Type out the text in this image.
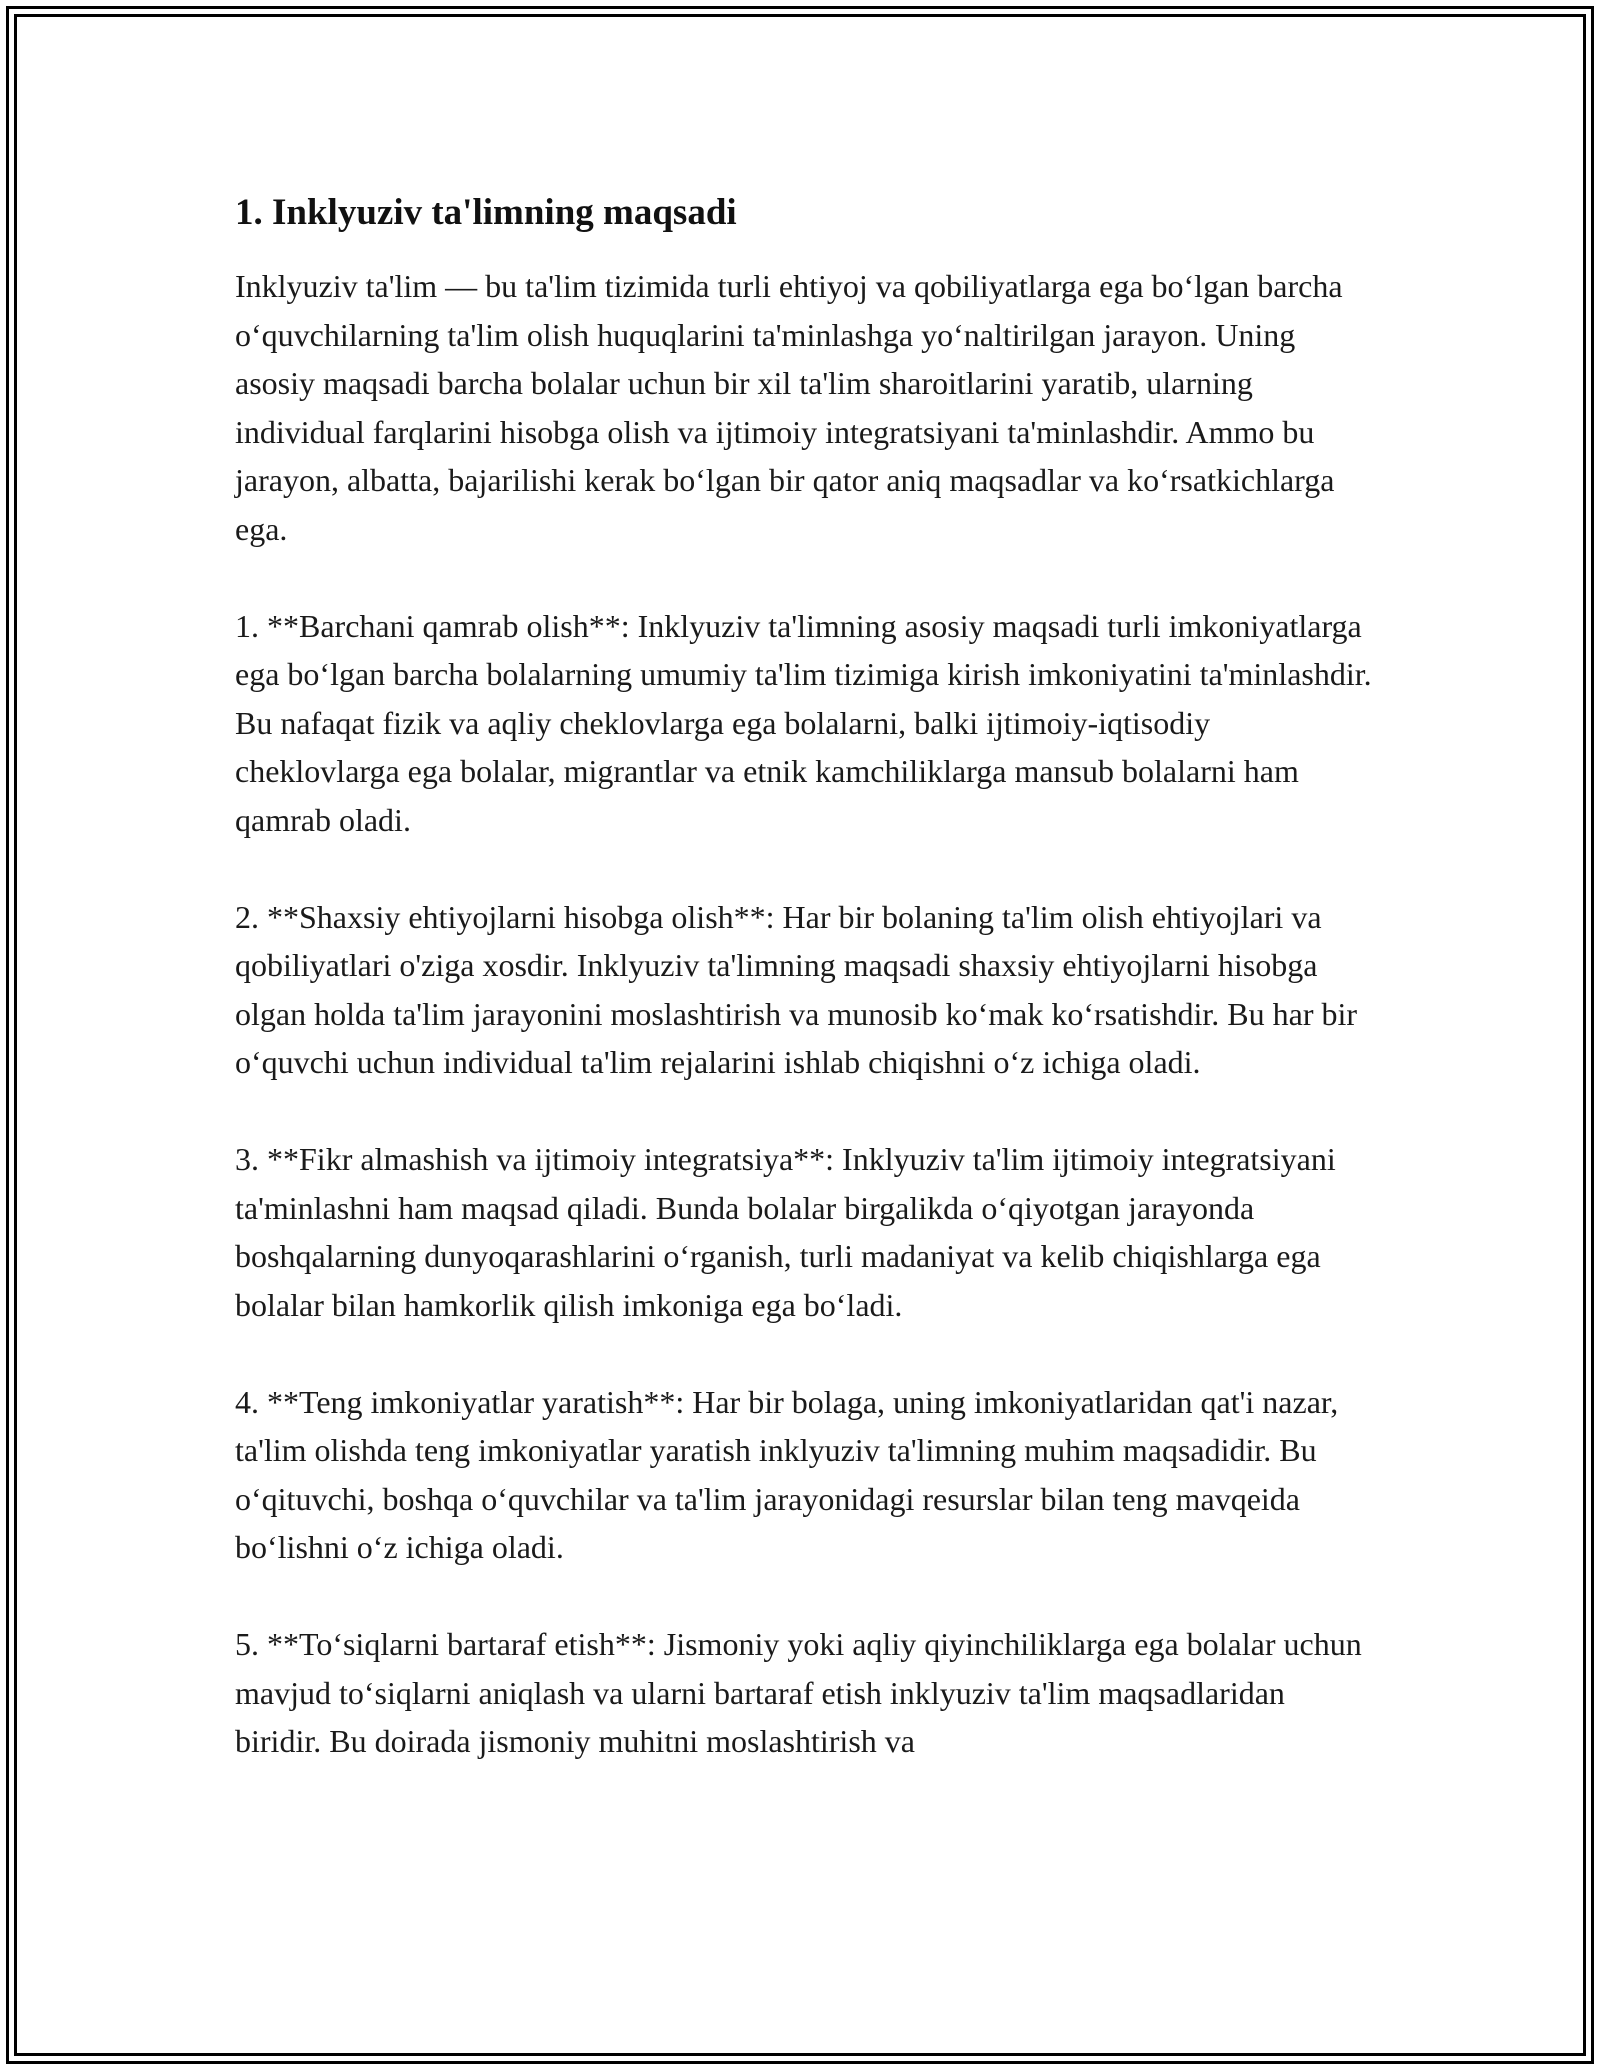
1. Inklyuziv ta'limning maqsadi

Inklyuziv ta'lim — bu ta'lim tizimida turli ehtiyoj va qobiliyatlarga ega bo‘lgan barcha o‘quvchilarning ta'lim olish huquqlarini ta'minlashga yo‘naltirilgan jarayon. Uning asosiy maqsadi barcha bolalar uchun bir xil ta'lim sharoitlarini yaratib, ularning individual farqlarini hisobga olish va ijtimoiy integratsiyani ta'minlashdir. Ammo bu jarayon, albatta, bajarilishi kerak bo‘lgan bir qator aniq maqsadlar va ko‘rsatkichlarga ega.

1. **Barchani qamrab olish**: Inklyuziv ta'limning asosiy maqsadi turli imkoniyatlarga ega bo‘lgan barcha bolalarning umumiy ta'lim tizimiga kirish imkoniyatini ta'minlashdir. Bu nafaqat fizik va aqliy cheklovlarga ega bolalarni, balki ijtimoiy-iqtisodiy cheklovlarga ega bolalar, migrantlar va etnik kamchiliklarga mansub bolalarni ham qamrab oladi.

2. **Shaxsiy ehtiyojlarni hisobga olish**: Har bir bolaning ta'lim olish ehtiyojlari va qobiliyatlari o'ziga xosdir. Inklyuziv ta'limning maqsadi shaxsiy ehtiyojlarni hisobga olgan holda ta'lim jarayonini moslashtirish va munosib ko‘mak ko‘rsatishdir. Bu har bir o‘quvchi uchun individual ta'lim rejalarini ishlab chiqishni o‘z ichiga oladi.

3. **Fikr almashish va ijtimoiy integratsiya**: Inklyuziv ta'lim ijtimoiy integratsiyani ta'minlashni ham maqsad qiladi. Bunda bolalar birgalikda o‘qiyotgan jarayonda boshqalarning dunyoqarashlarini o‘rganish, turli madaniyat va kelib chiqishlarga ega bolalar bilan hamkorlik qilish imkoniga ega bo‘ladi.

4. **Teng imkoniyatlar yaratish**: Har bir bolaga, uning imkoniyatlaridan qat'i nazar, ta'lim olishda teng imkoniyatlar yaratish inklyuziv ta'limning muhim maqsadidir. Bu o‘qituvchi, boshqa o‘quvchilar va ta'lim jarayonidagi resurslar bilan teng mavqeida bo‘lishni o‘z ichiga oladi.

5. **To‘siqlarni bartaraf etish**: Jismoniy yoki aqliy qiyinchiliklarga ega bolalar uchun mavjud to‘siqlarni aniqlash va ularni bartaraf etish inklyuziv ta'lim maqsadlaridan biridir. Bu doirada jismoniy muhitni moslashtirish va
